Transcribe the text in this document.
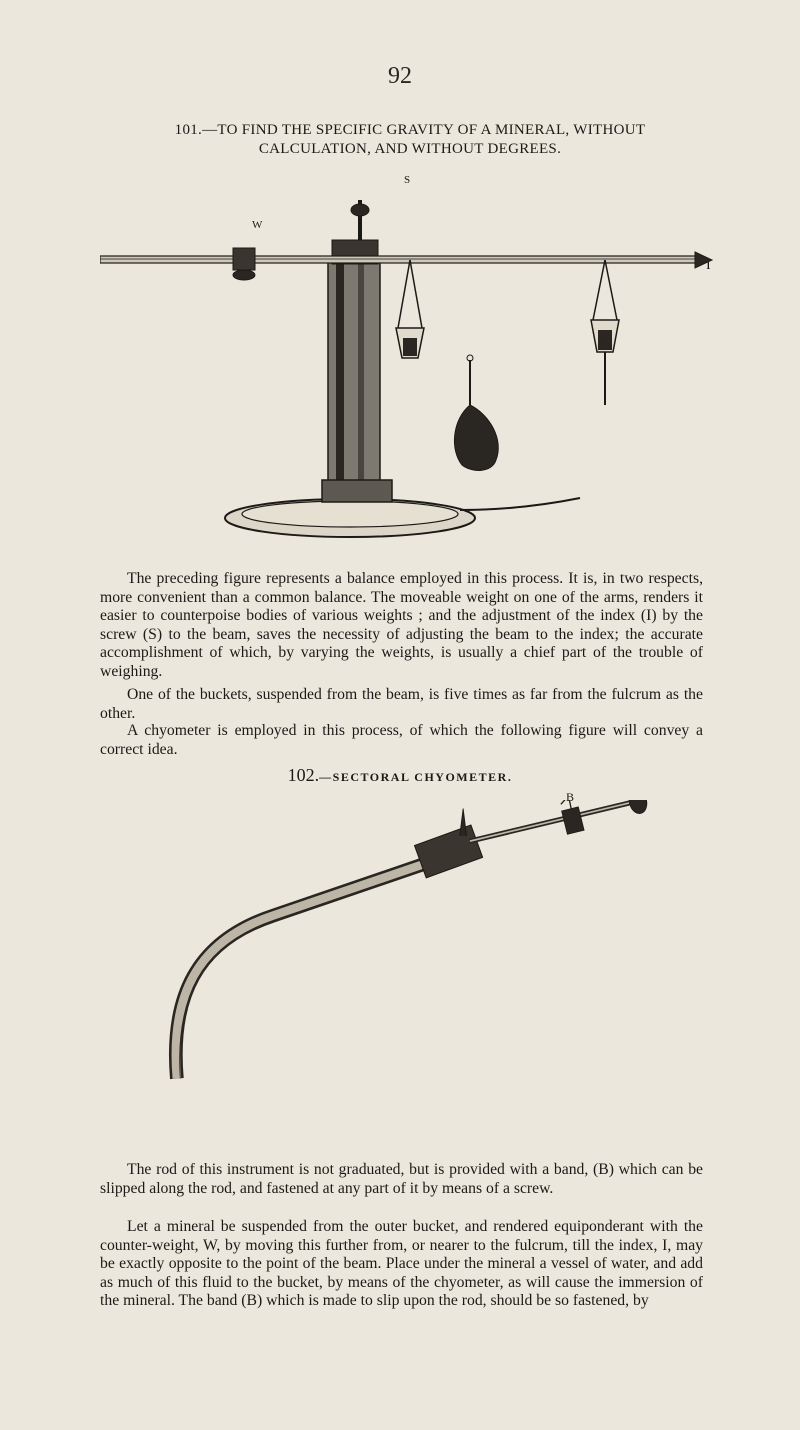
92
101.—TO FIND THE SPECIFIC GRAVITY OF A MINERAL, WITHOUT
CALCULATION, AND WITHOUT DEGREES.
S
W
I

The preceding figure represents a balance employed in this process. It is, in two respects, more convenient than a common balance. The moveable weight on one of the arms, renders it easier to counterpoise bodies of various weights ; and the adjustment of the index (I) by the screw (S) to the beam, saves the necessity of adjusting the beam to the index; the accurate accomplishment of which, by varying the weights, is usually a chief part of the trouble of weighing.

One of the buckets, suspended from the beam, is five times as far from the fulcrum as the other.

A chyometer is employed in this process, of which the following figure will convey a correct idea.

102.—SECTORAL CHYOMETER.
B

The rod of this instrument is not graduated, but is provided with a band, (B) which can be slipped along the rod, and fastened at any part of it by means of a screw.

Let a mineral be suspended from the outer bucket, and rendered equiponderant with the counter-weight, W, by moving this further from, or nearer to the fulcrum, till the index, I, may be exactly opposite to the point of the beam. Place under the mineral a vessel of water, and add as much of this fluid to the bucket, by means of the chyometer, as will cause the immersion of the mineral. The band (B) which is made to slip upon the rod, should be so fastened, by
